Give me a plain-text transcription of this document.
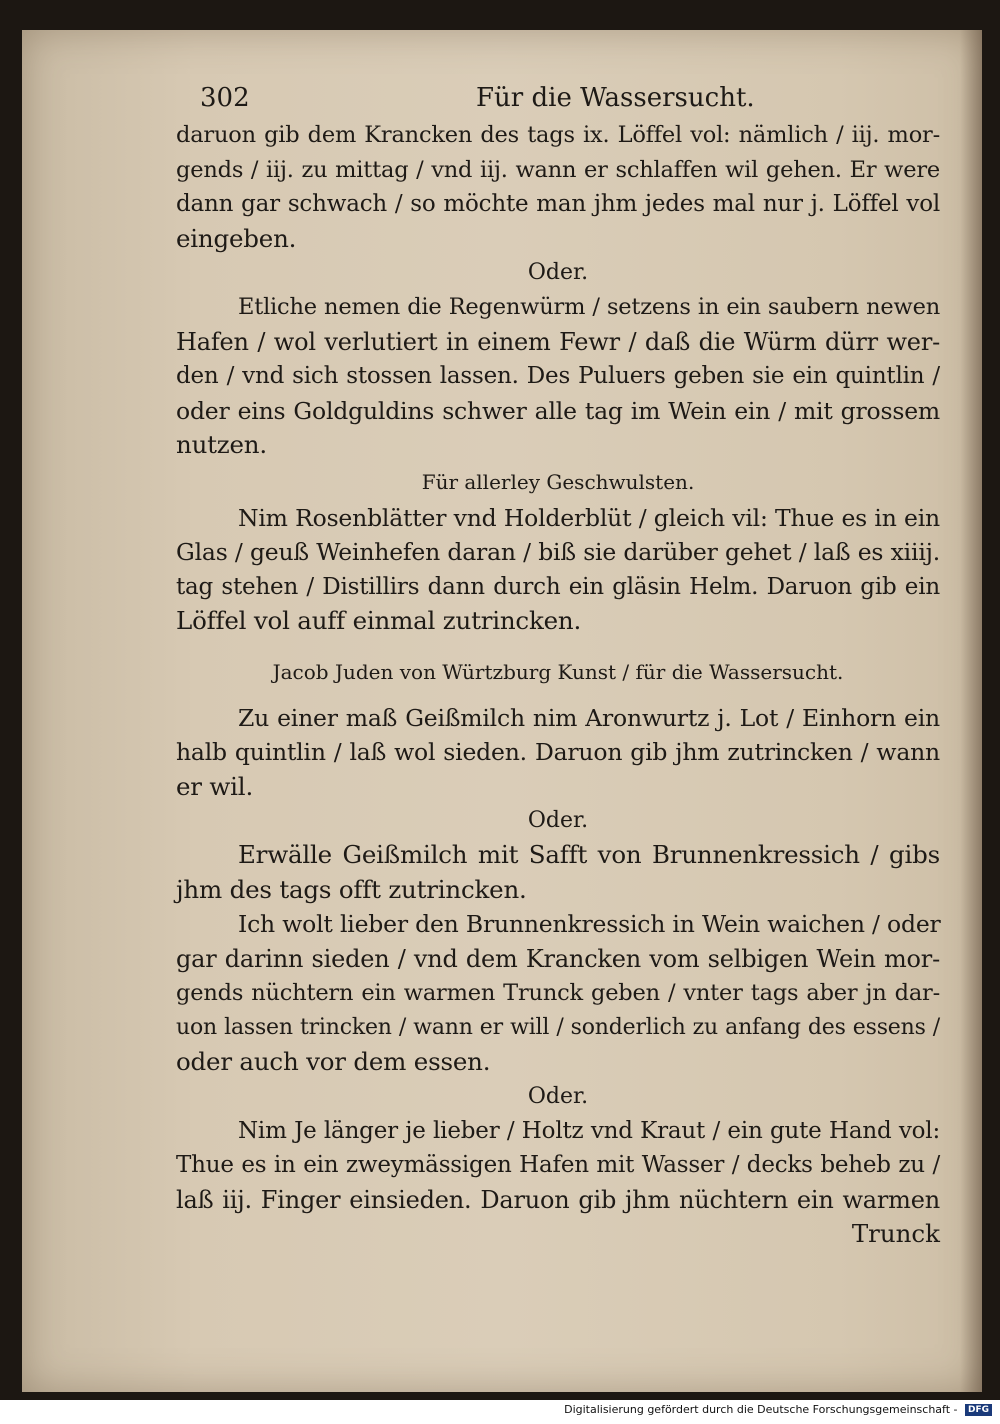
302	Für die Wassersucht.
daruon gib dem Krancken des tags ix. Löffel vol: nämlich / iij. mor-
gends / iij. zu mittag / vnd iij. wann er schlaffen wil gehen. Er were
dann gar schwach / so möchte man jhm jedes mal nur j. Löffel vol
eingeben.
Oder.
Etliche nemen die Regenwürm / setzens in ein saubern newen
Hafen / wol verlutiert in einem Fewr / daß die Würm dürr wer-
den / vnd sich stossen lassen. Des Puluers geben sie ein quintlin /
oder eins Goldguldins schwer alle tag im Wein ein / mit grossem
nutzen.
Für allerley Geschwulsten.
Nim Rosenblätter vnd Holderblüt / gleich vil: Thue es in ein
Glas / geuß Weinhefen daran / biß sie darüber gehet / laß es xiiij.
tag stehen / Distillirs dann durch ein gläsin Helm. Daruon gib ein
Löffel vol auff einmal zutrincken.
Jacob Juden von Würtzburg Kunst / für die Wassersucht.
Zu einer maß Geißmilch nim Aronwurtz j. Lot / Einhorn ein
halb quintlin / laß wol sieden. Daruon gib jhm zutrincken / wann
er wil.
Oder.
Erwälle Geißmilch mit Safft von Brunnenkressich / gibs
jhm des tags offt zutrincken.
Ich wolt lieber den Brunnenkressich in Wein waichen / oder
gar darinn sieden / vnd dem Krancken vom selbigen Wein mor-
gends nüchtern ein warmen Trunck geben / vnter tags aber jn dar-
uon lassen trincken / wann er will / sonderlich zu anfang des essens /
oder auch vor dem essen.
Oder.
Nim Je länger je lieber / Holtz vnd Kraut / ein gute Hand vol:
Thue es in ein zweymässigen Hafen mit Wasser / decks beheb zu /
laß iij. Finger einsieden. Daruon gib jhm nüchtern ein warmen
Trunck
Digitalisierung gefördert durch die Deutsche Forschungsgemeinschaft - DFG
